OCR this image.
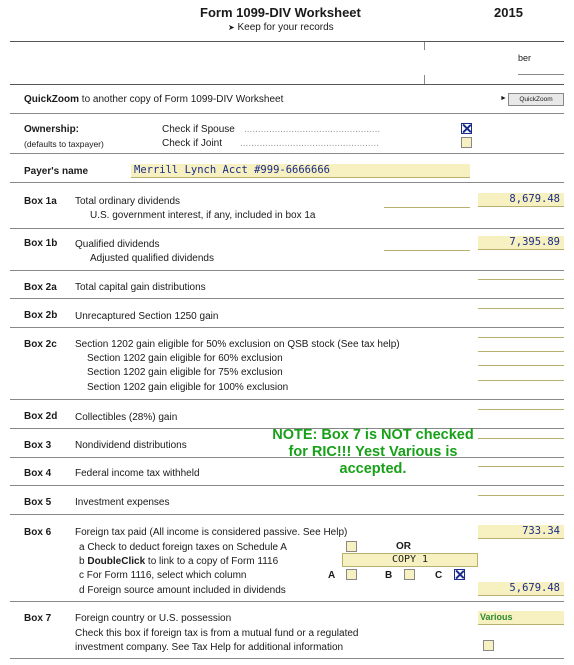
Form 1099-DIV Worksheet	2015
➤ Keep for your records
ber
QuickZoom to another copy of Form 1099-DIV Worksheet	►	QuickZoom
Ownership:
(defaults to taxpayer)
Check if Spouse .................................................
Check if Joint ..................................................
Payer's name	Merrill Lynch Acct #999-6666666
Box 1a Total ordinary dividends	8,679.48
U.S. government interest, if any, included in box 1a
Box 1b Qualified dividends	7,395.89
Adjusted qualified dividends
Box 2a Total capital gain distributions
Box 2b Unrecaptured Section 1250 gain
Box 2c Section 1202 gain eligible for 50% exclusion on QSB stock (See tax help)
Section 1202 gain eligible for 60% exclusion
Section 1202 gain eligible for 75% exclusion
Section 1202 gain eligible for 100% exclusion
Box 2d Collectibles (28%) gain
Box 3 Nondividend distributions
Box 4 Federal income tax withheld
Box 5 Investment expenses
NOTE: Box 7 is NOT checked for RIC!!! Yest Various is accepted.
Box 6 Foreign tax paid (All income is considered passive. See Help)	733.34
a Check to deduct foreign taxes on Schedule A	OR
b DoubleClick to link to a copy of Form 1116	COPY 1
c For Form 1116, select which column	A	B	C
d Foreign source amount included in dividends	5,679.48
Box 7 Foreign country or U.S. possession	Various
Check this box if foreign tax is from a mutual fund or a regulated
investment company. See Tax Help for additional information
